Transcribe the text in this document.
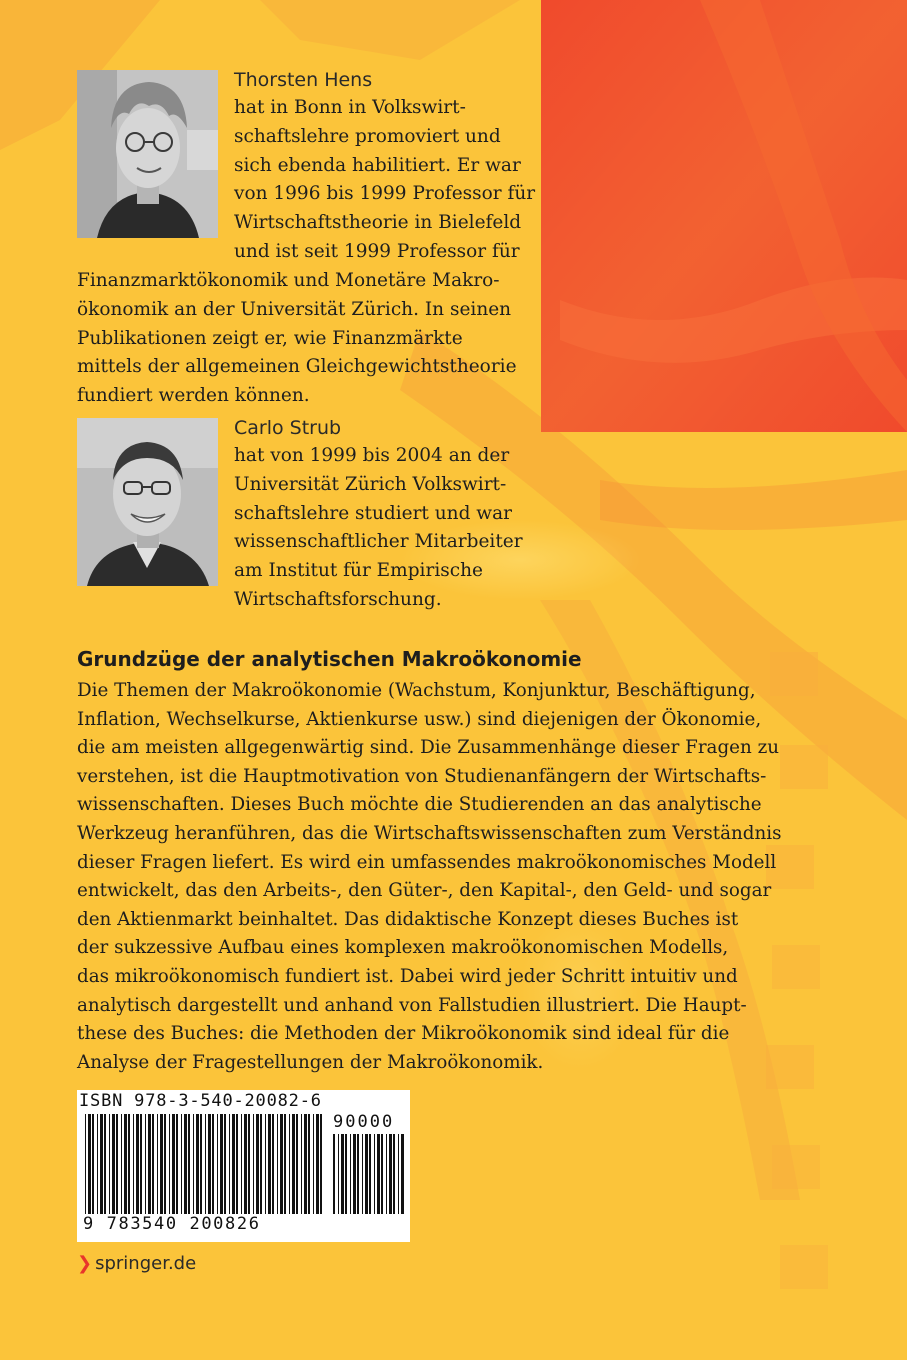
Thorsten Hens
hat in Bonn in Volkswirt-
schaftslehre promoviert und
sich ebenda habilitiert. Er war
von 1996 bis 1999 Professor für
Wirtschaftstheorie in Bielefeld
und ist seit 1999 Professor für
Finanzmarktökonomik und Monetäre Makro-
ökonomik an der Universität Zürich. In seinen
Publikationen zeigt er, wie Finanzmärkte
mittels der allgemeinen Gleichgewichtstheorie
fundiert werden können.
Carlo Strub
hat von 1999 bis 2004 an der
Universität Zürich Volkswirt-
schaftslehre studiert und war
wissenschaftlicher Mitarbeiter
am Institut für Empirische
Wirtschaftsforschung.
Grundzüge der analytischen Makroökonomie
Die Themen der Makroökonomie (Wachstum, Konjunktur, Beschäftigung,
Inflation, Wechselkurse, Aktienkurse usw.) sind diejenigen der Ökonomie,
die am meisten allgegenwärtig sind. Die Zusammenhänge dieser Fragen zu
verstehen, ist die Hauptmotivation von Studienanfängern der Wirtschafts-
wissenschaften. Dieses Buch möchte die Studierenden an das analytische
Werkzeug heranführen, das die Wirtschaftswissenschaften zum Verständnis
dieser Fragen liefert. Es wird ein umfassendes makroökonomisches Modell
entwickelt, das den Arbeits-, den Güter-, den Kapital-, den Geld- und sogar
den Aktienmarkt beinhaltet. Das didaktische Konzept dieses Buches ist
der sukzessive Aufbau eines komplexen makroökonomischen Modells,
das mikroökonomisch fundiert ist. Dabei wird jeder Schritt intuitiv und
analytisch dargestellt und anhand von Fallstudien illustriert. Die Haupt-
these des Buches: die Methoden der Mikroökonomik sind ideal für die
Analyse der Fragestellungen der Makroökonomik.
ISBN 978-3-540-20082-6
90000
9 783540 200826
❯ springer.de
